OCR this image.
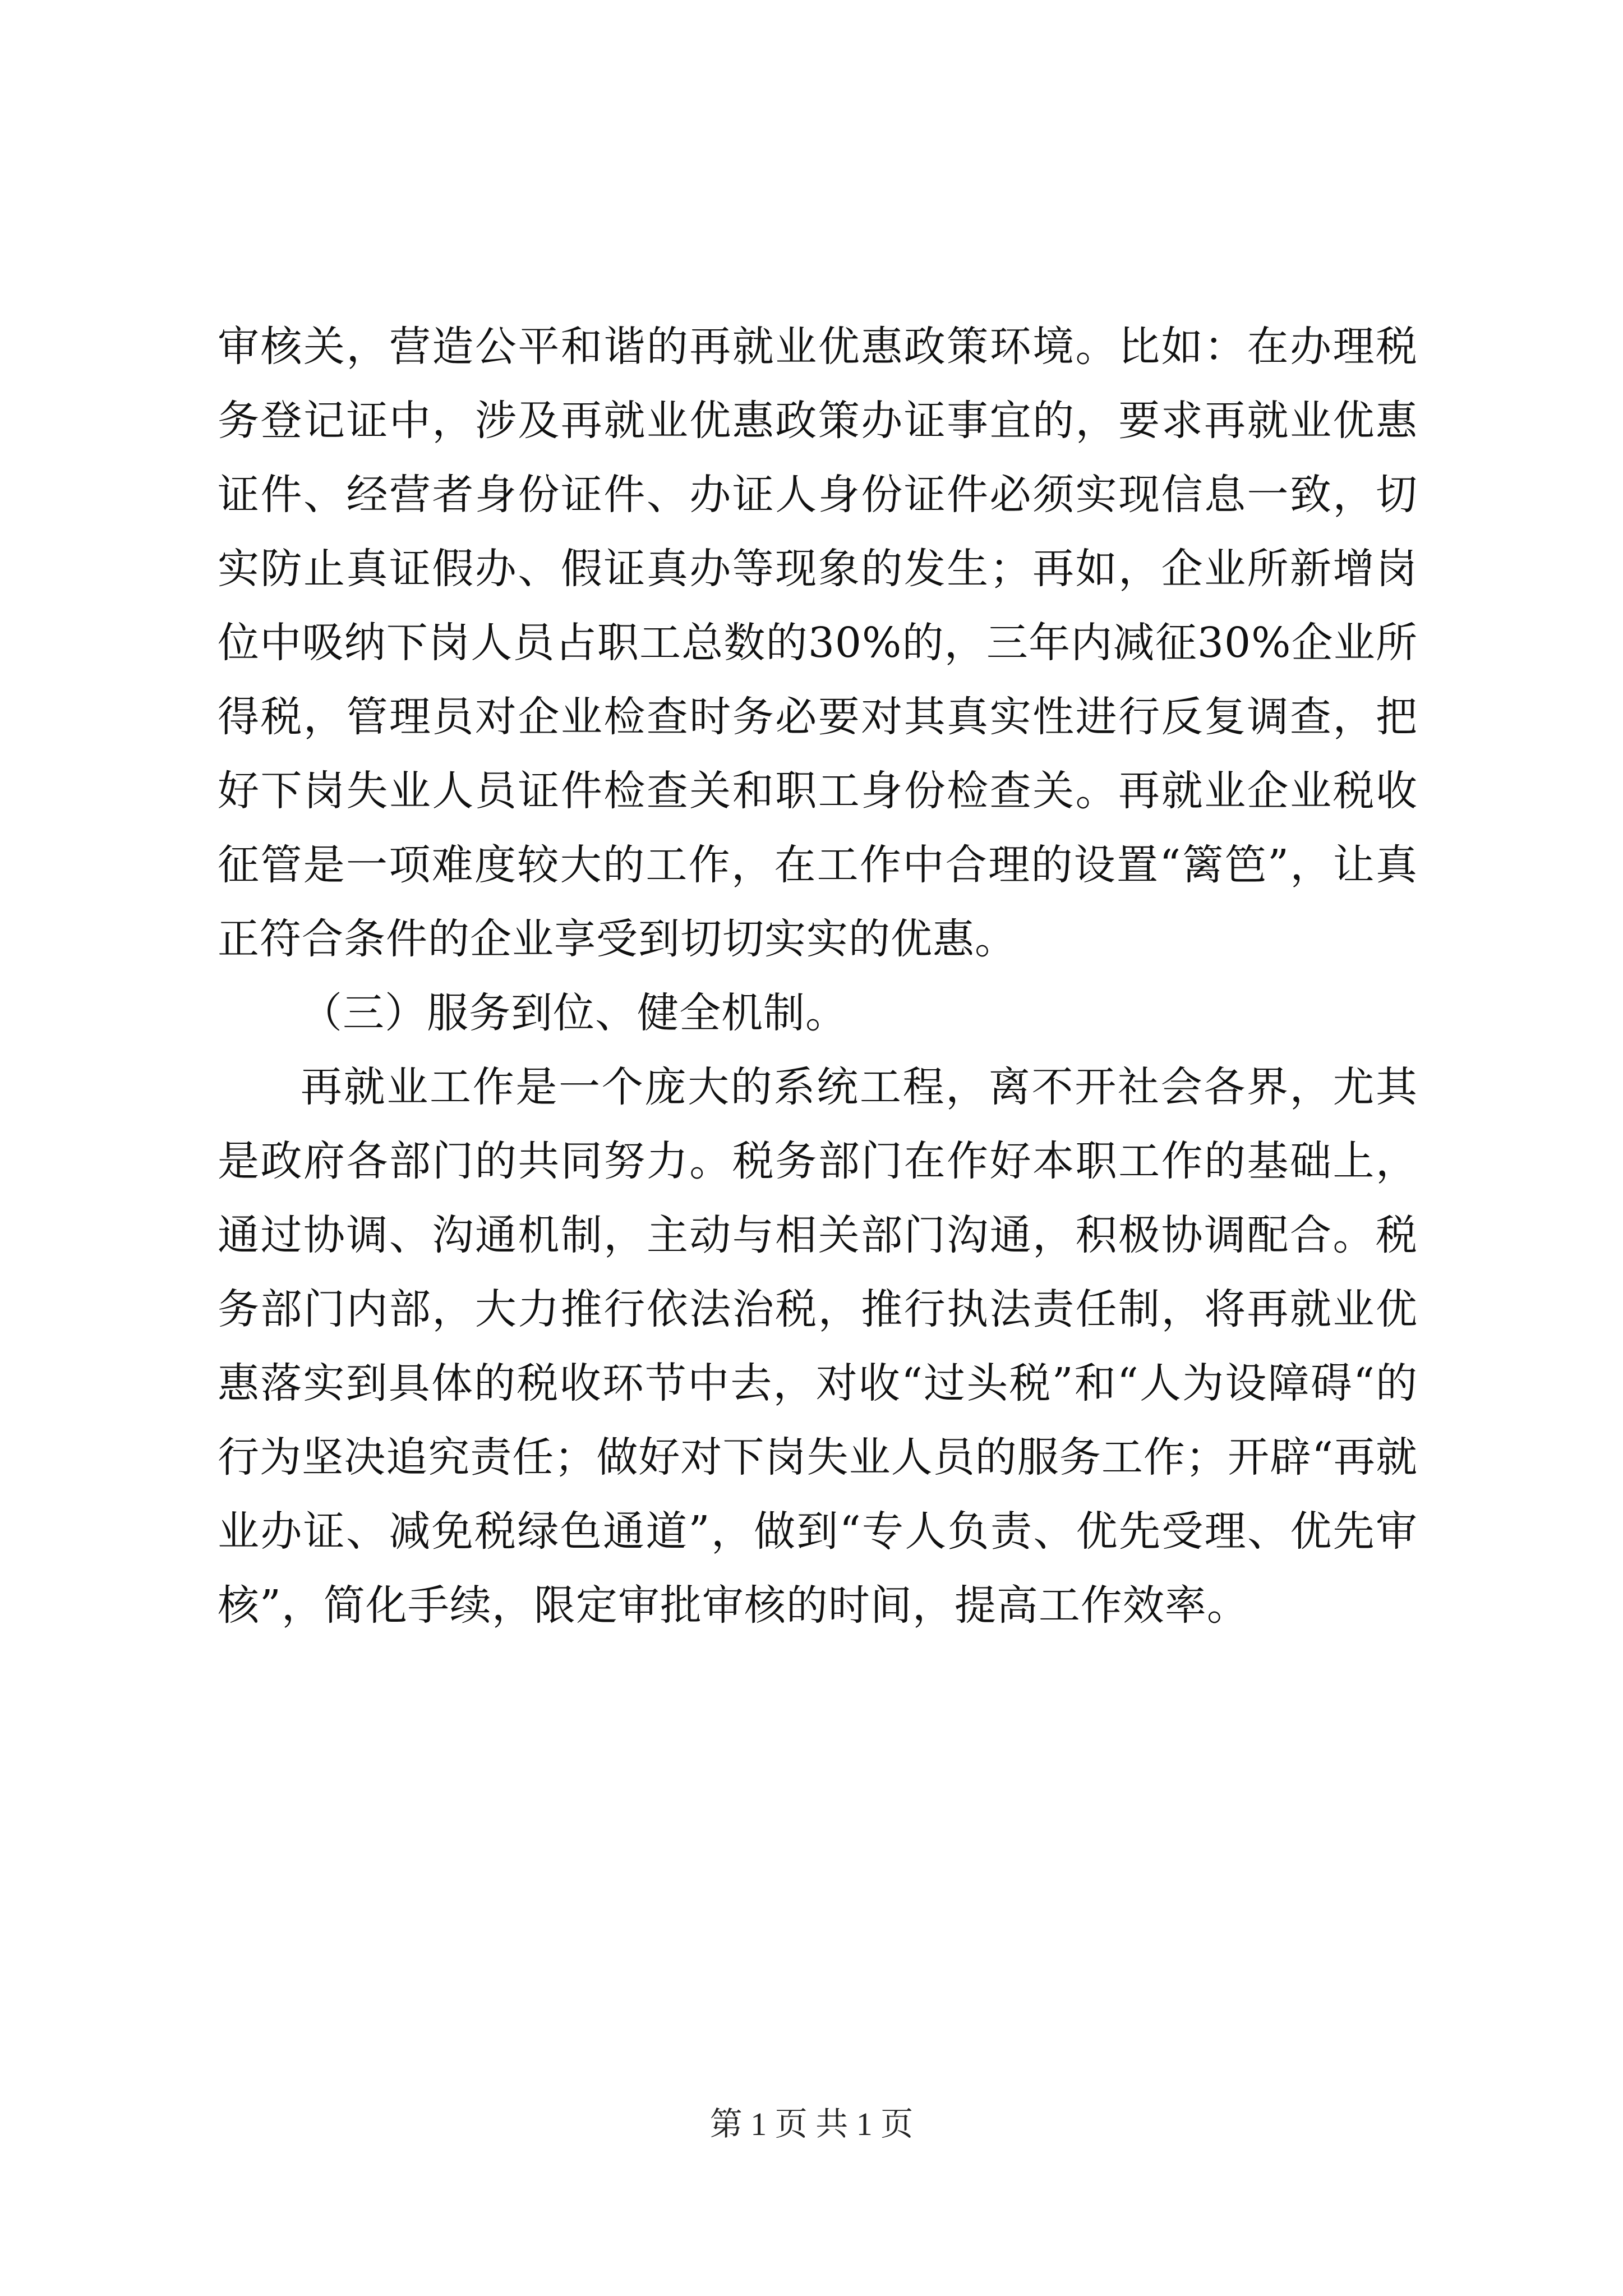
审核关，营造公平和谐的再就业优惠政策环境。比如：在办理税务登记证中，涉及再就业优惠政策办证事宜的，要求再就业优惠证件、经营者身份证件、办证人身份证件必须实现信息一致，切实防止真证假办、假证真办等现象的发生；再如，企业所新增岗位中吸纳下岗人员占职工总数的30%的，三年内减征30%企业所得税，管理员对企业检查时务必要对其真实性进行反复调查，把好下岗失业人员证件检查关和职工身份检查关。再就业企业税收征管是一项难度较大的工作，在工作中合理的设置“篱笆”，让真正符合条件的企业享受到切切实实的优惠。

（三）服务到位、健全机制。

再就业工作是一个庞大的系统工程，离不开社会各界，尤其是政府各部门的共同努力。税务部门在作好本职工作的基础上，通过协调、沟通机制，主动与相关部门沟通，积极协调配合。税务部门内部，大力推行依法治税，推行执法责任制，将再就业优惠落实到具体的税收环节中去，对收“过头税”和“人为设障碍“的行为坚决追究责任；做好对下岗失业人员的服务工作；开辟“再就业办证、减免税绿色通道”，做到“专人负责、优先受理、优先审核”，简化手续，限定审批审核的时间，提高工作效率。

第 1 页 共 1 页
